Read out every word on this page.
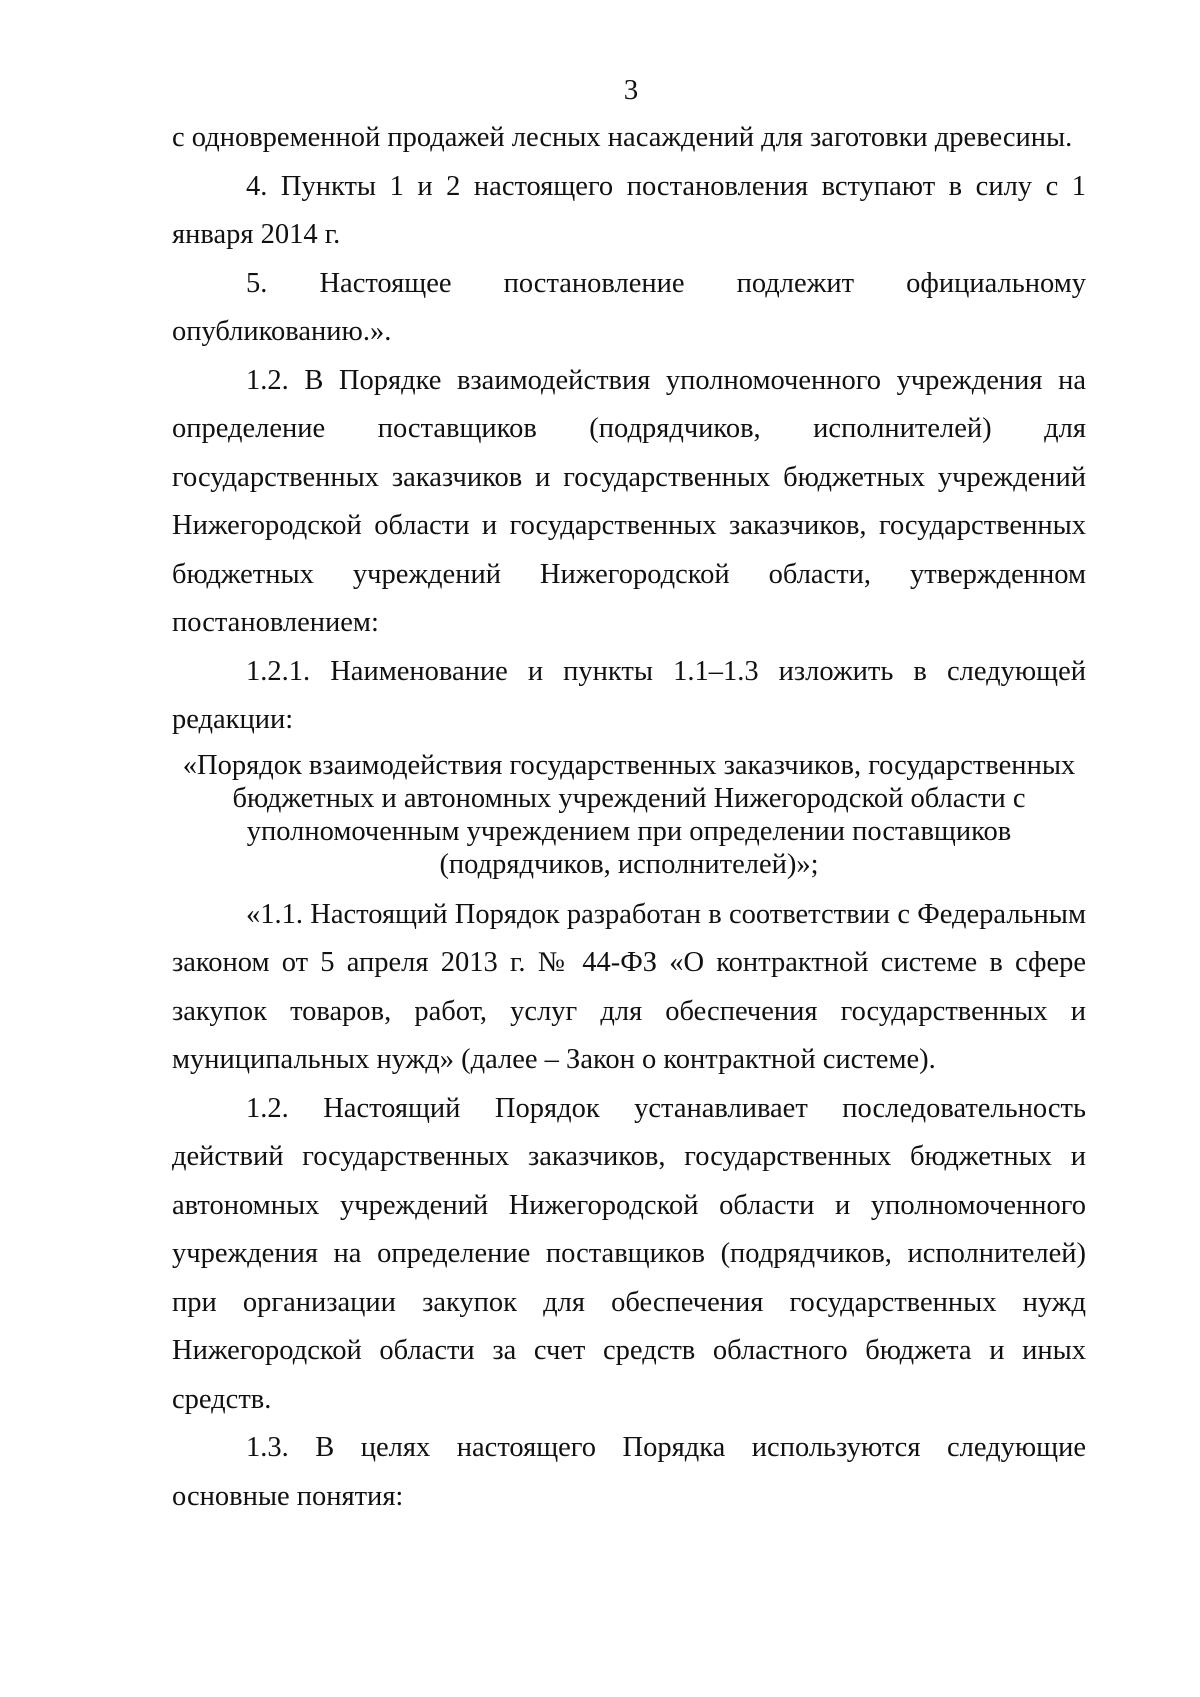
3

с одновременной продажей лесных насаждений для заготовки древесины.

4. Пункты 1 и 2 настоящего постановления вступают в силу с 1 января 2014 г.

5. Настоящее постановление подлежит официальному опубликованию.».

1.2. В Порядке взаимодействия уполномоченного учреждения на определение поставщиков (подрядчиков, исполнителей) для государственных заказчиков и государственных бюджетных учреждений Нижегородской области и государственных заказчиков, государственных бюджетных учреждений Нижегородской области, утвержденном постановлением:

1.2.1. Наименование и пункты 1.1–1.3 изложить в следующей редакции:

«Порядок взаимодействия государственных заказчиков, государственных
бюджетных и автономных учреждений Нижегородской области с
уполномоченным учреждением при определении поставщиков
(подрядчиков, исполнителей)»;

«1.1. Настоящий Порядок разработан в соответствии с Федеральным законом от 5 апреля 2013 г. № 44-ФЗ «О контрактной системе в сфере закупок товаров, работ, услуг для обеспечения государственных и муниципальных нужд» (далее – Закон о контрактной системе).

1.2. Настоящий Порядок устанавливает последовательность действий государственных заказчиков, государственных бюджетных и автономных учреждений Нижегородской области и уполномоченного учреждения на определение поставщиков (подрядчиков, исполнителей) при организации закупок для обеспечения государственных нужд Нижегородской области за счет средств областного бюджета и иных средств.

1.3. В целях настоящего Порядка используются следующие основные понятия:
